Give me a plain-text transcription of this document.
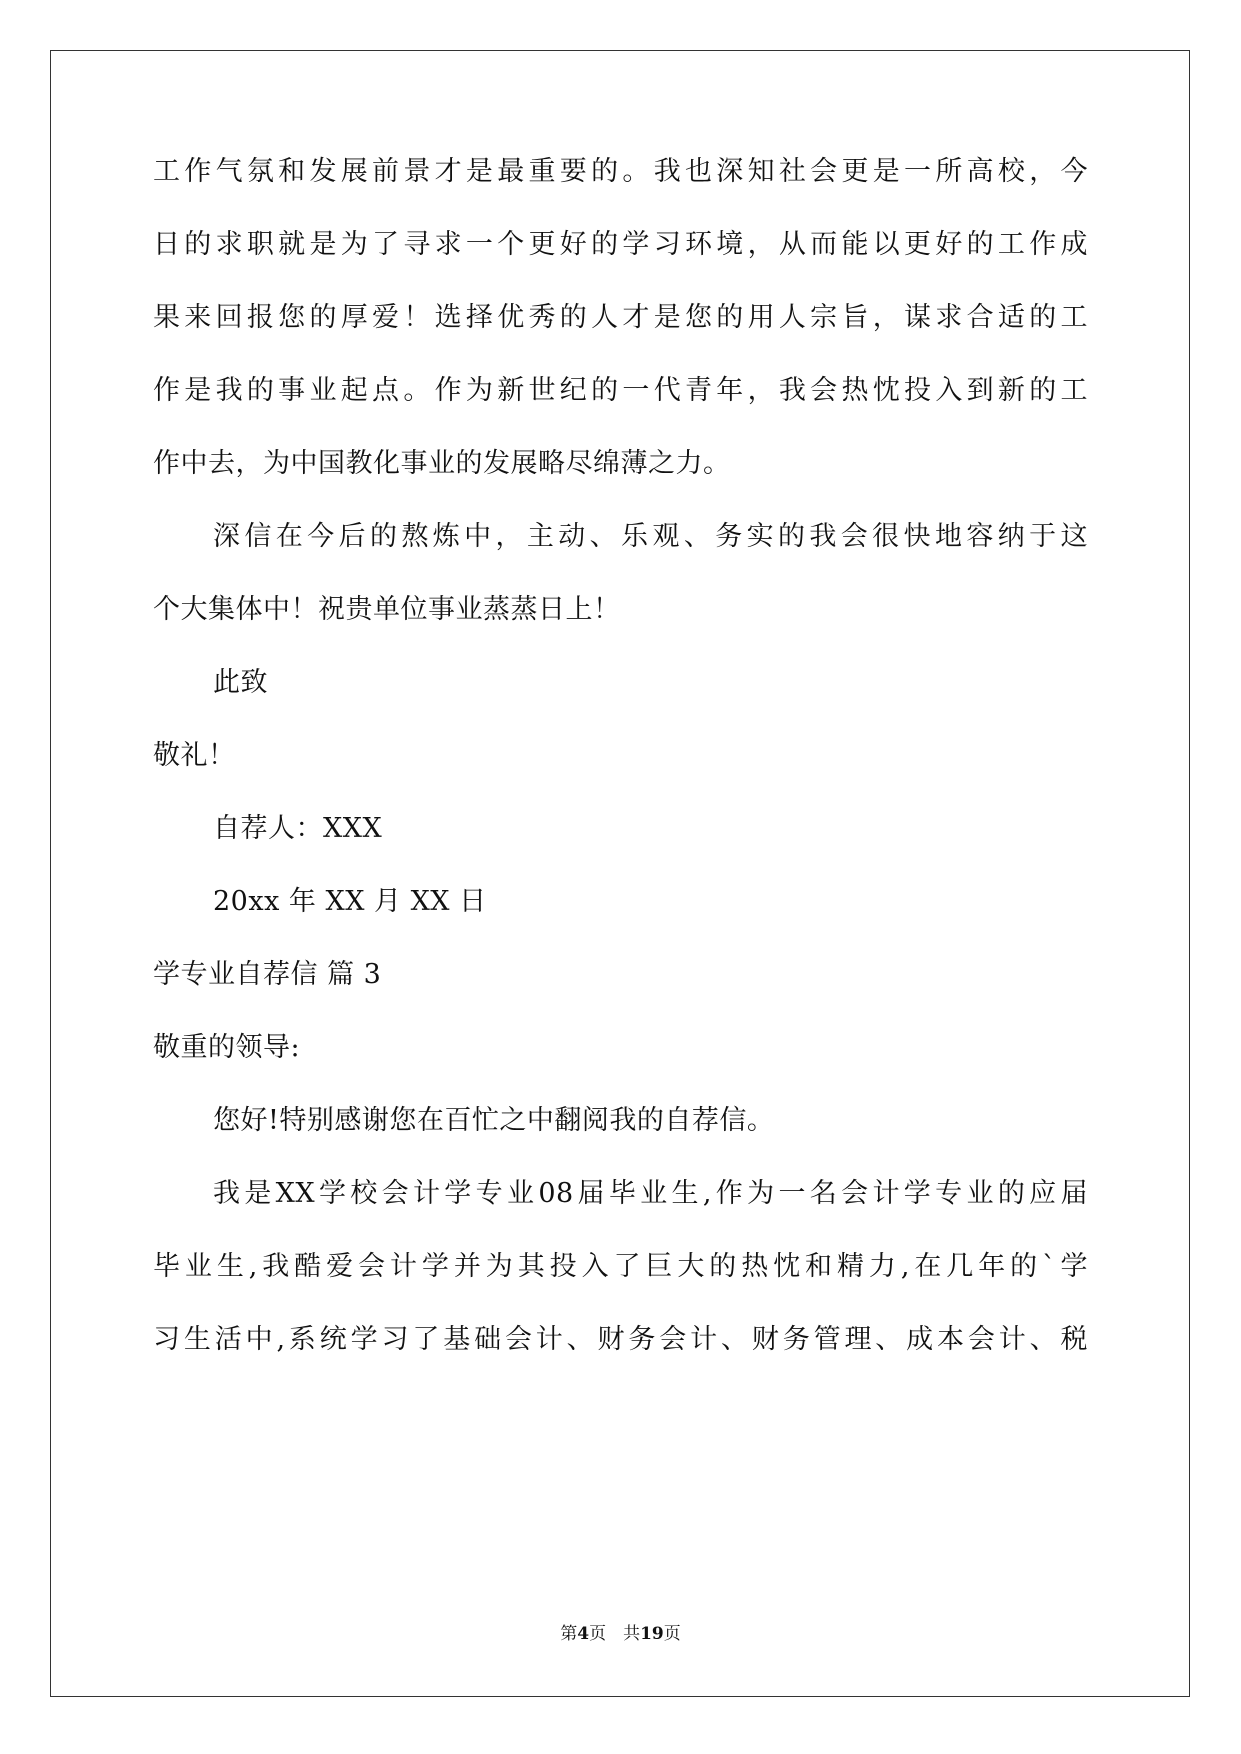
工作气氛和发展前景才是最重要的。我也深知社会更是一所高校，今
日的求职就是为了寻求一个更好的学习环境，从而能以更好的工作成
果来回报您的厚爱！选择优秀的人才是您的用人宗旨，谋求合适的工
作是我的事业起点。作为新世纪的一代青年，我会热忱投入到新的工
作中去，为中国教化事业的发展略尽绵薄之力。
深信在今后的熬炼中，主动、乐观、务实的我会很快地容纳于这
个大集体中！祝贵单位事业蒸蒸日上！
此致
敬礼！
自荐人：XXX
20xx 年 XX 月 XX 日
学专业自荐信 篇 3
敬重的领导:
您好!特别感谢您在百忙之中翻阅我的自荐信。
我是XX学校会计学专业08届毕业生,作为一名会计学专业的应届
毕业生,我酷爱会计学并为其投入了巨大的热忱和精力,在几年的`学
习生活中,系统学习了基础会计、财务会计、财务管理、成本会计、税
第4页　共19页
